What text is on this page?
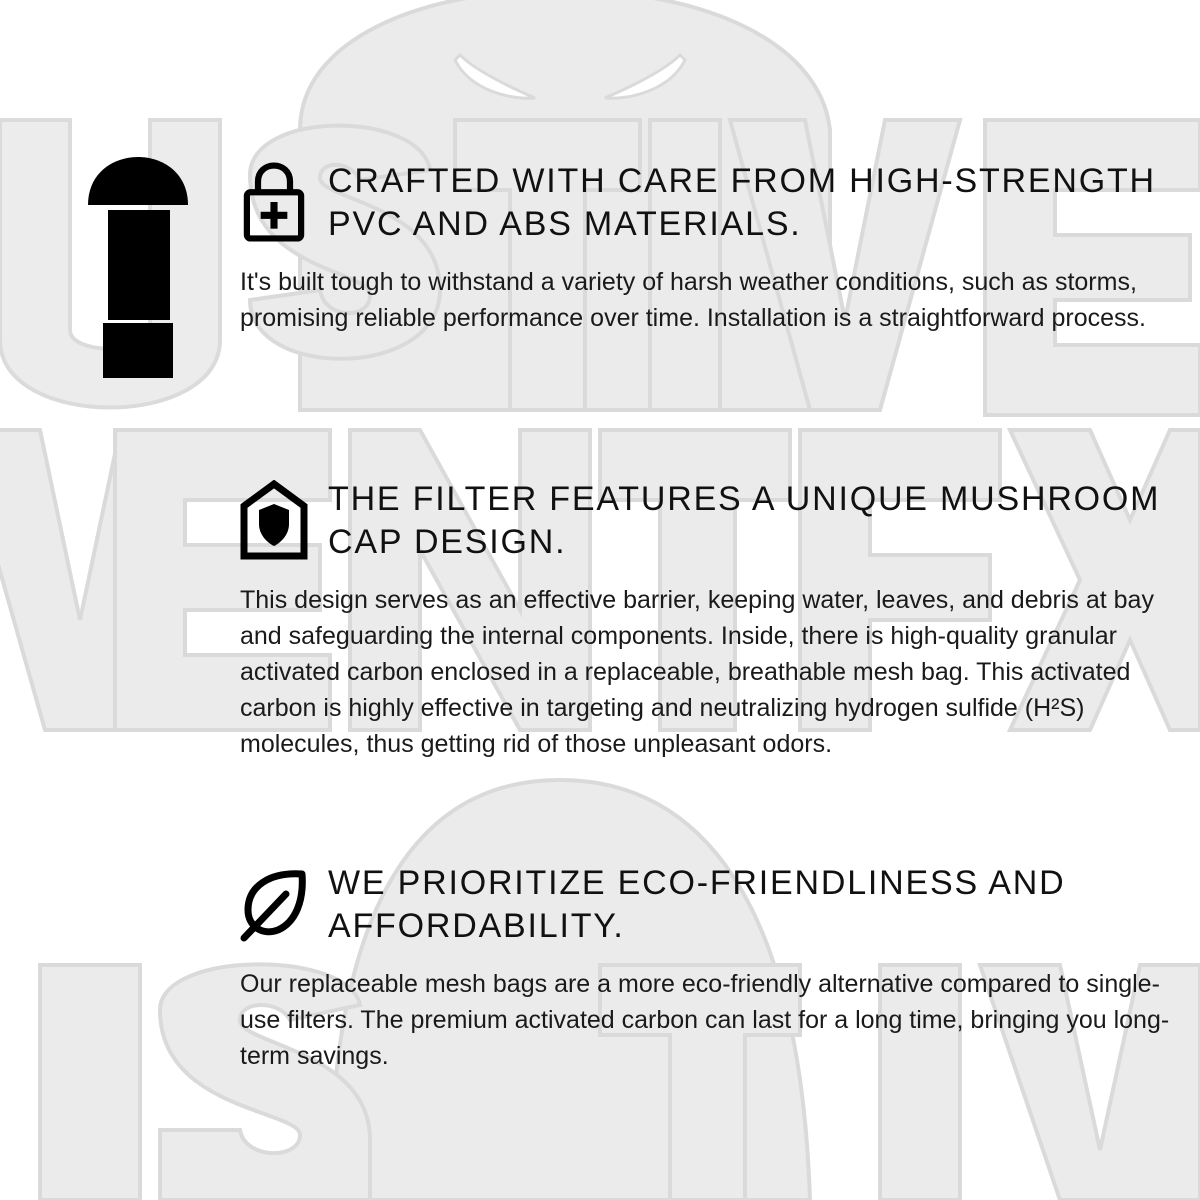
CRAFTED WITH CARE FROM HIGH-STRENGTH PVC AND ABS MATERIALS.

It's built tough to withstand a variety of harsh weather conditions, such as storms, promising reliable performance over time. Installation is a straightforward process.

THE FILTER FEATURES A UNIQUE MUSHROOM CAP DESIGN.

This design serves as an effective barrier, keeping water, leaves, and debris at bay and safeguarding the internal components. Inside, there is high-quality granular activated carbon enclosed in a replaceable, breathable mesh bag. This activated carbon is highly effective in targeting and neutralizing hydrogen sulfide (H²S) molecules, thus getting rid of those unpleasant odors.

WE PRIORITIZE ECO-FRIENDLINESS AND AFFORDABILITY.

Our replaceable mesh bags are a more eco-friendly alternative compared to single-use filters. The premium activated carbon can last for a long time, bringing you long-term savings.
